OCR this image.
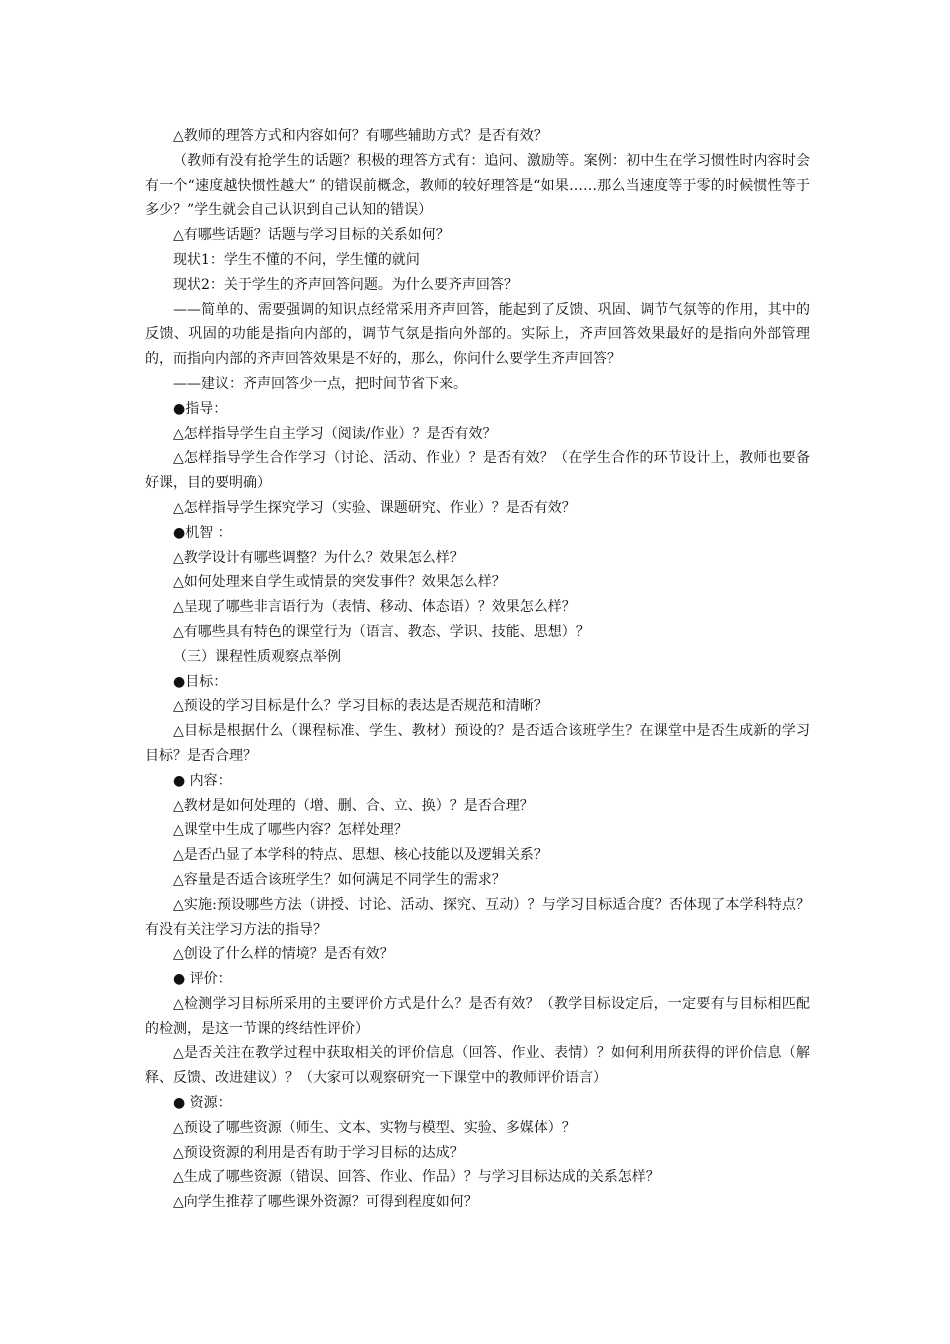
△教师的理答方式和内容如何？有哪些辅助方式？是否有效？

（教师有没有抢学生的话题？积极的理答方式有：追问、激励等。案例：初中生在学习惯性时内容时会有一个“速度越快惯性越大” 的错误前概念，教师的较好理答是“如果……那么当速度等于零的时候惯性等于多少？”学生就会自己认识到自己认知的错误）

△有哪些话题？话题与学习目标的关系如何？

现状1：学生不懂的不问，学生懂的就问

现状2：关于学生的齐声回答问题。为什么要齐声回答？

——简单的、需要强调的知识点经常采用齐声回答，能起到了反馈、巩固、调节气氛等的作用，其中的反馈、巩固的功能是指向内部的，调节气氛是指向外部的。实际上，齐声回答效果最好的是指向外部管理的，而指向内部的齐声回答效果是不好的，那么，你问什么要学生齐声回答？

——建议：齐声回答少一点，把时间节省下来。

●指导：

△怎样指导学生自主学习（阅读/作业）？是否有效？

△怎样指导学生合作学习（讨论、活动、作业）？是否有效？（在学生合作的环节设计上，教师也要备好课，目的要明确）

△怎样指导学生探究学习（实验、课题研究、作业）？是否有效？

●机智 ：

△教学设计有哪些调整？为什么？效果怎么样？

△如何处理来自学生或情景的突发事件？效果怎么样？

△呈现了哪些非言语行为（表情、移动、体态语）？效果怎么样？

△有哪些具有特色的课堂行为（语言、教态、学识、技能、思想）？

（三）课程性质观察点举例

●目标：

△预设的学习目标是什么？学习目标的表达是否规范和清晰？

△目标是根据什么（课程标准、学生、教材）预设的？是否适合该班学生？在课堂中是否生成新的学习目标？是否合理？

● 内容：

△教材是如何处理的（增、删、合、立、换）？是否合理？

△课堂中生成了哪些内容？怎样处理？

△是否凸显了本学科的特点、思想、核心技能以及逻辑关系？

△容量是否适合该班学生？如何满足不同学生的需求？

△实施:预设哪些方法（讲授、讨论、活动、探究、互动）？与学习目标适合度？否体现了本学科特点？有没有关注学习方法的指导？

△创设了什么样的情境？是否有效？

● 评价：

△检测学习目标所采用的主要评价方式是什么？是否有效？（教学目标设定后，一定要有与目标相匹配的检测，是这一节课的终结性评价）

△是否关注在教学过程中获取相关的评价信息（回答、作业、表情）？如何利用所获得的评价信息（解释、反馈、改进建议）？（大家可以观察研究一下课堂中的教师评价语言）

● 资源：

△预设了哪些资源（师生、文本、实物与模型、实验、多媒体）？

△预设资源的利用是否有助于学习目标的达成？

△生成了哪些资源（错误、回答、作业、作品）？与学习目标达成的关系怎样？

△向学生推荐了哪些课外资源？可得到程度如何？
